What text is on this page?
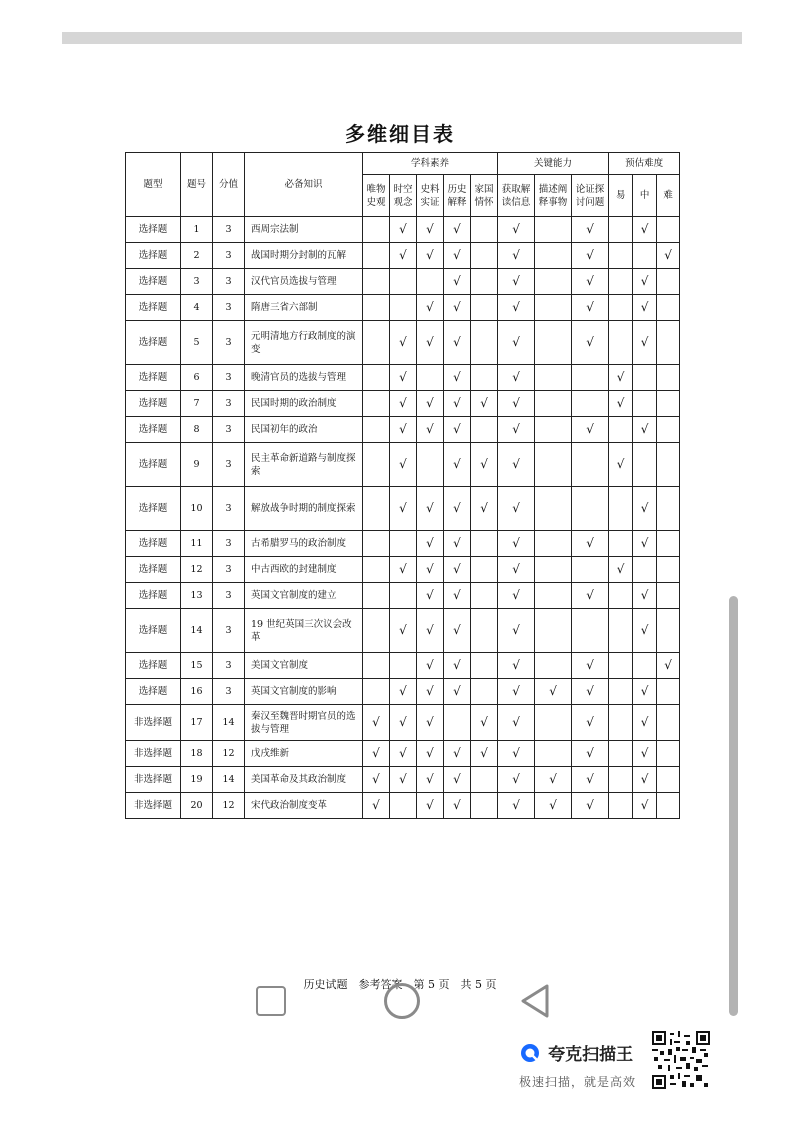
多维细目表
题型	题号	分值	必备知识	学科素养					关键能力			预估难度		
				唯物史观	时空观念	史料实证	历史解释	家国情怀	获取解读信息	描述阐释事物	论证探讨问题	易	中	难
选择题	1	3	西周宗法制		√	√	√		√		√		√	
选择题	2	3	战国时期分封制的瓦解		√	√	√		√		√			√
选择题	3	3	汉代官员选拔与管理				√		√		√		√	
选择题	4	3	隋唐三省六部制			√	√		√		√		√	
选择题	5	3	元明清地方行政制度的演变		√	√	√		√		√		√	
选择题	6	3	晚清官员的选拔与管理		√		√		√			√		
选择题	7	3	民国时期的政治制度		√	√	√	√	√			√		
选择题	8	3	民国初年的政治		√	√	√		√		√		√	
选择题	9	3	民主革命新道路与制度探索		√		√	√	√			√		
选择题	10	3	解放战争时期的制度探索		√	√	√	√	√				√	
选择题	11	3	古希腊罗马的政治制度			√	√		√		√		√	
选择题	12	3	中古西欧的封建制度		√	√	√		√			√		
选择题	13	3	英国文官制度的建立			√	√		√		√		√	
选择题	14	3	19 世纪英国三次议会改革		√	√	√		√				√	
选择题	15	3	美国文官制度			√	√		√		√			√
选择题	16	3	英国文官制度的影响		√	√	√		√	√	√		√	
非选择题	17	14	秦汉至魏晋时期官员的选拔与管理	√	√	√		√	√		√		√	
非选择题	18	12	戊戌维新	√	√	√	√	√	√		√		√	
非选择题	19	14	美国革命及其政治制度	√	√	√	√		√	√	√		√	
非选择题	20	12	宋代政治制度变革	√		√	√		√	√	√		√	
历史试题　参考答案　第 5 页　共 5 页
夸克扫描王
极速扫描，就是高效
